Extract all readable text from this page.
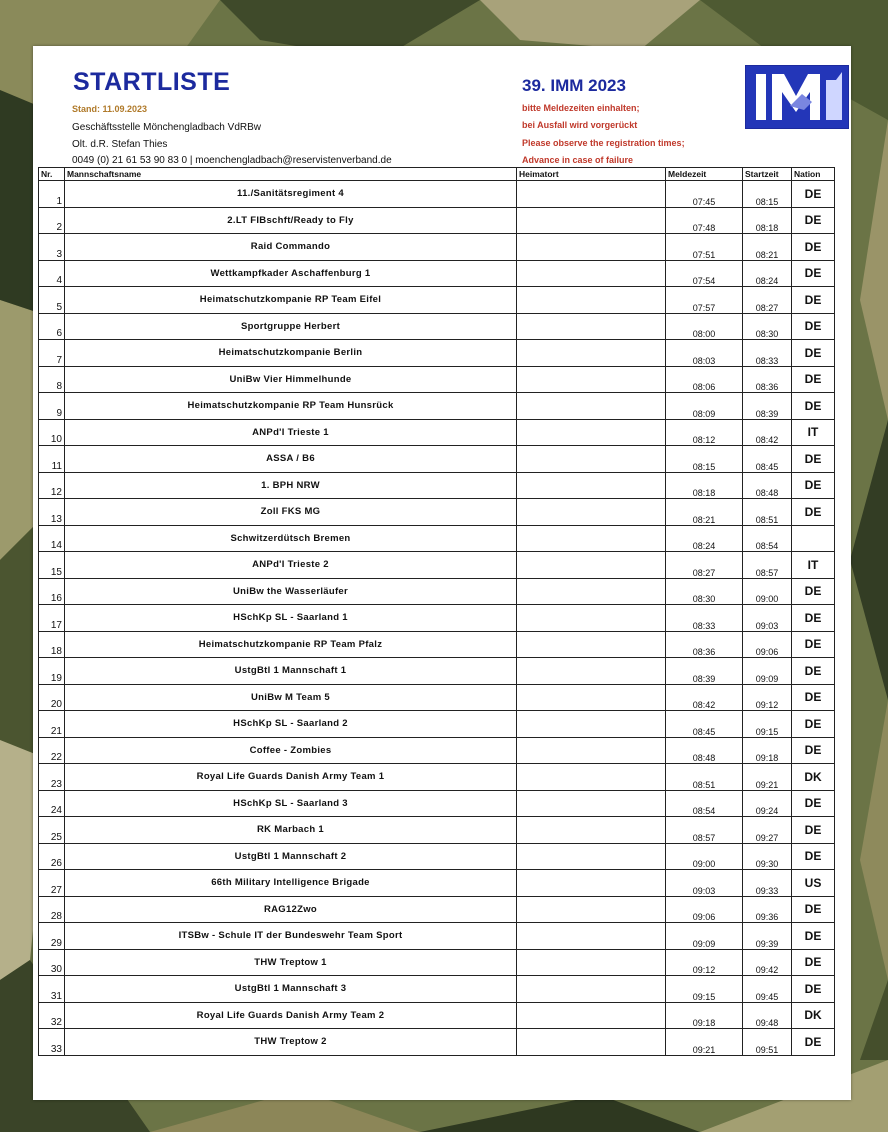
STARTLISTE
Stand: 11.09.2023
Geschäftsstelle Mönchengladbach VdRBw
Olt. d.R. Stefan Thies
0049 (0) 21 61 53 90 83 0 | moenchengladbach@reservistenverband.de
39. IMM 2023
bitte Meldezeiten einhalten;
bei Ausfall wird vorgerückt
Please observe the registration times;
Advance in case of failure
Nr.	Mannschaftsname	Heimatort	Meldezeit	Startzeit	Nation
1	11./Sanitätsregiment 4		07:45	08:15	DE
2	2.LT FIBschft/Ready to Fly		07:48	08:18	DE
3	Raid Commando		07:51	08:21	DE
4	Wettkampfkader Aschaffenburg 1		07:54	08:24	DE
5	Heimatschutzkompanie RP Team Eifel		07:57	08:27	DE
6	Sportgruppe Herbert		08:00	08:30	DE
7	Heimatschutzkompanie Berlin		08:03	08:33	DE
8	UniBw Vier Himmelhunde		08:06	08:36	DE
9	Heimatschutzkompanie RP Team Hunsrück		08:09	08:39	DE
10	ANPd'I Trieste 1		08:12	08:42	IT
11	ASSA / B6		08:15	08:45	DE
12	1. BPH NRW		08:18	08:48	DE
13	Zoll FKS MG		08:21	08:51	DE
14	Schwitzerdütsch Bremen		08:24	08:54	
15	ANPd'I Trieste 2		08:27	08:57	IT
16	UniBw the Wasserläufer		08:30	09:00	DE
17	HSchKp SL - Saarland 1		08:33	09:03	DE
18	Heimatschutzkompanie RP Team Pfalz		08:36	09:06	DE
19	UstgBtl 1 Mannschaft 1		08:39	09:09	DE
20	UniBw M Team 5		08:42	09:12	DE
21	HSchKp SL - Saarland 2		08:45	09:15	DE
22	Coffee - Zombies		08:48	09:18	DE
23	Royal Life Guards Danish Army Team 1		08:51	09:21	DK
24	HSchKp SL - Saarland 3		08:54	09:24	DE
25	RK Marbach 1		08:57	09:27	DE
26	UstgBtl 1 Mannschaft 2		09:00	09:30	DE
27	66th Military Intelligence Brigade		09:03	09:33	US
28	RAG12Zwo		09:06	09:36	DE
29	ITSBw - Schule IT der Bundeswehr Team Sport		09:09	09:39	DE
30	THW Treptow 1		09:12	09:42	DE
31	UstgBtl 1 Mannschaft 3		09:15	09:45	DE
32	Royal Life Guards Danish Army Team 2		09:18	09:48	DK
33	THW Treptow 2		09:21	09:51	DE
